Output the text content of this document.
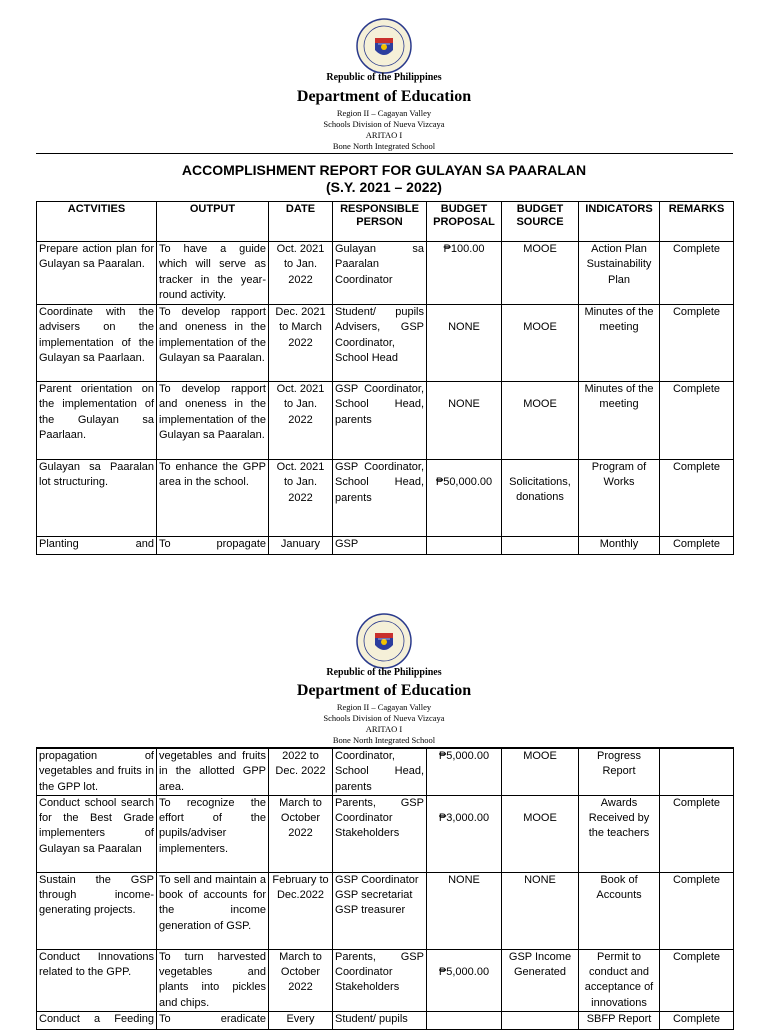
Republic of the Philippines
Department of Education
Region II – Cagayan Valley
Schools Division of Nueva Vizcaya
ARITAO I
Bone North Integrated School
ACCOMPLISHMENT REPORT FOR GULAYAN SA PAARALAN
(S.Y. 2021 – 2022)
ACTVITIES	OUTPUT	DATE	RESPONSIBLE PERSON	BUDGET PROPOSAL	BUDGET SOURCE	INDICATORS	REMARKS
Prepare action plan for Gulayan sa Paaralan.	To have a guide which will serve as tracker in the year-round activity.	Oct. 2021 to Jan. 2022	Gulayan sa Paaralan Coordinator	₱100.00	MOOE	Action Plan Sustainability Plan	Complete
Coordinate with the advisers on the implementation of the Gulayan sa Paarlaan.	To develop rapport and oneness in the implementation of the Gulayan sa Paaralan.	Dec. 2021 to March 2022	Student/ pupils Advisers, GSP Coordinator, School Head	NONE	MOOE	Minutes of the meeting	Complete
Parent orientation on the implementation of the Gulayan sa Paarlaan.	To develop rapport and oneness in the implementation of the Gulayan sa Paaralan.	Oct. 2021 to Jan. 2022	GSP Coordinator, School Head, parents	NONE	MOOE	Minutes of the meeting	Complete
Gulayan sa Paaralan lot structuring.	To enhance the GPP area in the school.	Oct. 2021 to Jan. 2022	GSP Coordinator, School Head, parents	₱50,000.00	Solicitations, donations	Program of Works	Complete
Planting and	To propagate	January	GSP			Monthly	Complete
Republic of the Philippines
Department of Education
Region II – Cagayan Valley
Schools Division of Nueva Vizcaya
ARITAO I
Bone North Integrated School
propagation of vegetables and fruits in the GPP lot.	vegetables and fruits in the allotted GPP area.	2022 to Dec. 2022	Coordinator, School Head, parents	₱5,000.00	MOOE	Progress Report	
Conduct school search for the Best Grade implementers of Gulayan sa Paaralan	To recognize the effort of the pupils/adviser implementers.	March to October 2022	Parents, GSP Coordinator Stakeholders	₱3,000.00	MOOE	Awards Received by the teachers	Complete
Sustain the GSP through income-generating projects.	To sell and maintain a book of accounts for the income generation of GSP.	February to Dec.2022	GSP Coordinator GSP secretariat GSP treasurer	NONE	NONE	Book of Accounts	Complete
Conduct Innovations related to the GPP.	To turn harvested vegetables and plants into pickles and chips.	March to October 2022	Parents, GSP Coordinator Stakeholders	₱5,000.00	GSP Income Generated	Permit to conduct and acceptance of innovations	Complete
Conduct a Feeding	To eradicate	Every	Student/ pupils			SBFP Report	Complete
